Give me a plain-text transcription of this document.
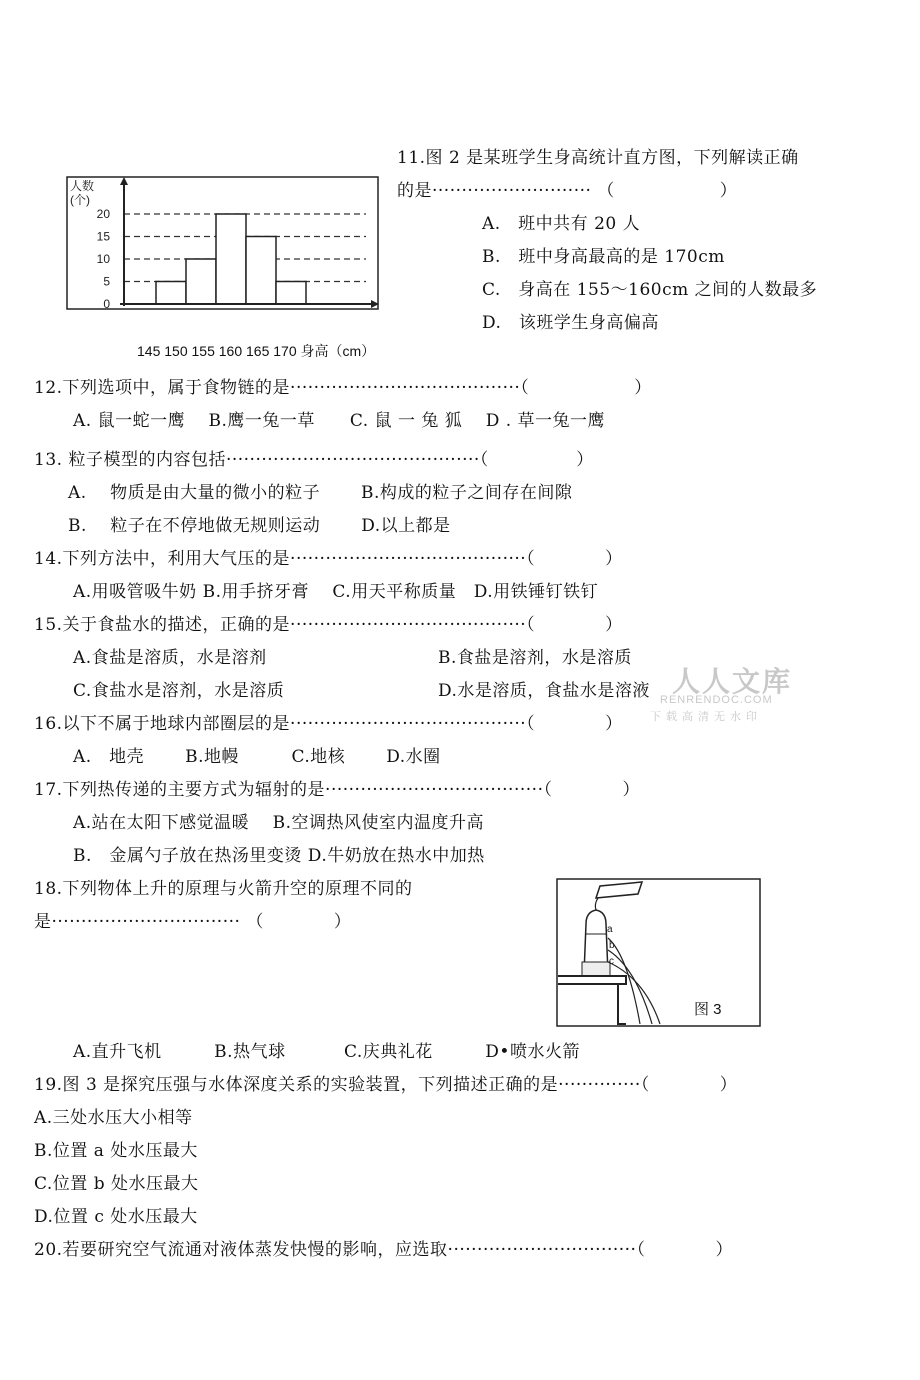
0
5
10
15
20
人数
(个)
145 150 155 160 165 170 身高（cm）
11.图 2 是某班学生身高统计直方图，下列解读正确
的是··························· （　　　　　　）
A.　班中共有 20 人
B.　班中身高最高的是 170cm
C.　身高在 155～160cm 之间的人数最多
D.　该班学生身高偏高
12.下列选项中，属于食物链的是·······································（　　　　　　）
A. 鼠一蛇一鹰　 B.鹰一兔一草　　C. 鼠 一 兔 狐　 D . 草一兔一鹰
13. 粒子模型的内容包括···········································（　　　　　）
A.　 物质是由大量的微小的粒子　　 B.构成的粒子之间存在间隙
B.　 粒子在不停地做无规则运动　　 D.以上都是
14.下列方法中，利用大气压的是········································（　　　　）
A.用吸管吸牛奶 B.用手挤牙膏　 C.用天平称质量　D.用铁锤钉铁钉
15.关于食盐水的描述，正确的是········································（　　　　）
A.食盐是溶质，水是溶剂	B.食盐是溶剂，水是溶质
C.食盐水是溶剂，水是溶质	D.水是溶质，食盐水是溶液 人人文库
RENRENDOC.COM
下载高清无水印
16.以下不属于地球内部圈层的是········································（　　　　）
A.　地壳　　 B.地幔　　　C.地核　　 D.水圈
17.下列热传递的主要方式为辐射的是·····································（　　　　）
A.站在太阳下感觉温暖　 B.空调热风使室内温度升高
B.　金属勺子放在热汤里变烫 D.牛奶放在热水中加热
18.下列物体上升的原理与火箭升空的原理不同的
是································ （　　　　）	a
b
c
图 3
A.直升飞机　　　B.热气球　　　 C.庆典礼花　　　D•喷水火箭
19.图 3 是探究压强与水体深度关系的实验装置，下列描述正确的是··············（　　　　）
A.三处水压大小相等
B.位置 a 处水压最大
C.位置 b 处水压最大
D.位置 c 处水压最大
20.若要研究空气流通对液体蒸发快慢的影响，应选取································（　　　　）
